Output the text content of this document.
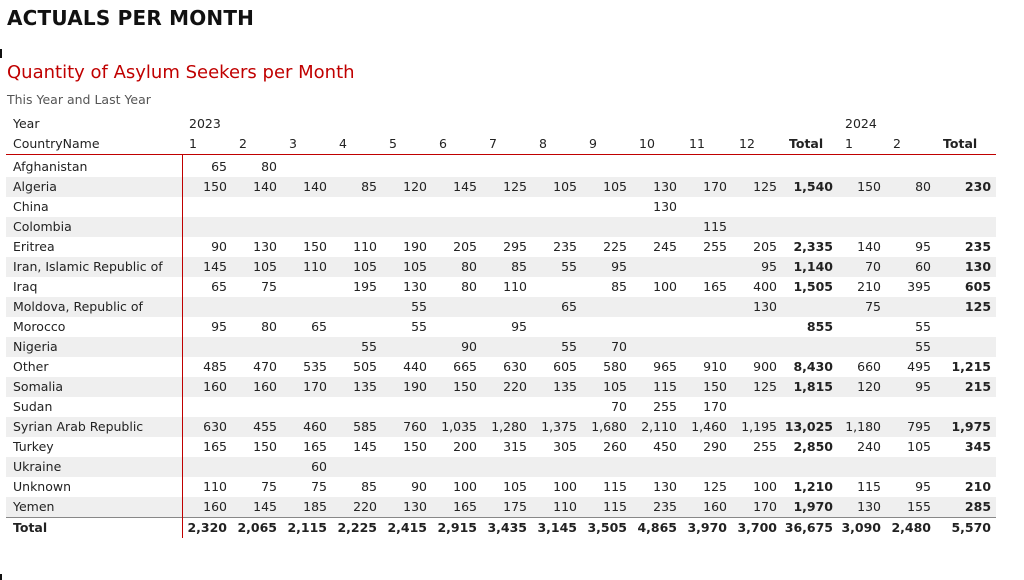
ACTUALS PER MONTH
Quantity of Asylum Seekers per Month
This Year and Last Year
Year	2023													2024		
CountryName	1	2	3	4	5	6	7	8	9	10	11	12	Total	1	2	Total
Afghanistan	65	80														
Algeria	150	140	140	85	120	145	125	105	105	130	170	125	1,540	150	80	230
China										130						
Colombia											115					
Eritrea	90	130	150	110	190	205	295	235	225	245	255	205	2,335	140	95	235
Iran, Islamic Republic of	145	105	110	105	105	80	85	55	95			95	1,140	70	60	130
Iraq	65	75		195	130	80	110		85	100	165	400	1,505	210	395	605
Moldova, Republic of					55			65				130		75		125
Morocco	95	80	65		55		95						855		55	
Nigeria				55		90		55	70						55	
Other	485	470	535	505	440	665	630	605	580	965	910	900	8,430	660	495	1,215
Somalia	160	160	170	135	190	150	220	135	105	115	150	125	1,815	120	95	215
Sudan									70	255	170					
Syrian Arab Republic	630	455	460	585	760	1,035	1,280	1,375	1,680	2,110	1,460	1,195	13,025	1,180	795	1,975
Turkey	165	150	165	145	150	200	315	305	260	450	290	255	2,850	240	105	345
Ukraine			60													
Unknown	110	75	75	85	90	100	105	100	115	130	125	100	1,210	115	95	210
Yemen	160	145	185	220	130	165	175	110	115	235	160	170	1,970	130	155	285
Total	2,320	2,065	2,115	2,225	2,415	2,915	3,435	3,145	3,505	4,865	3,970	3,700	36,675	3,090	2,480	5,570
